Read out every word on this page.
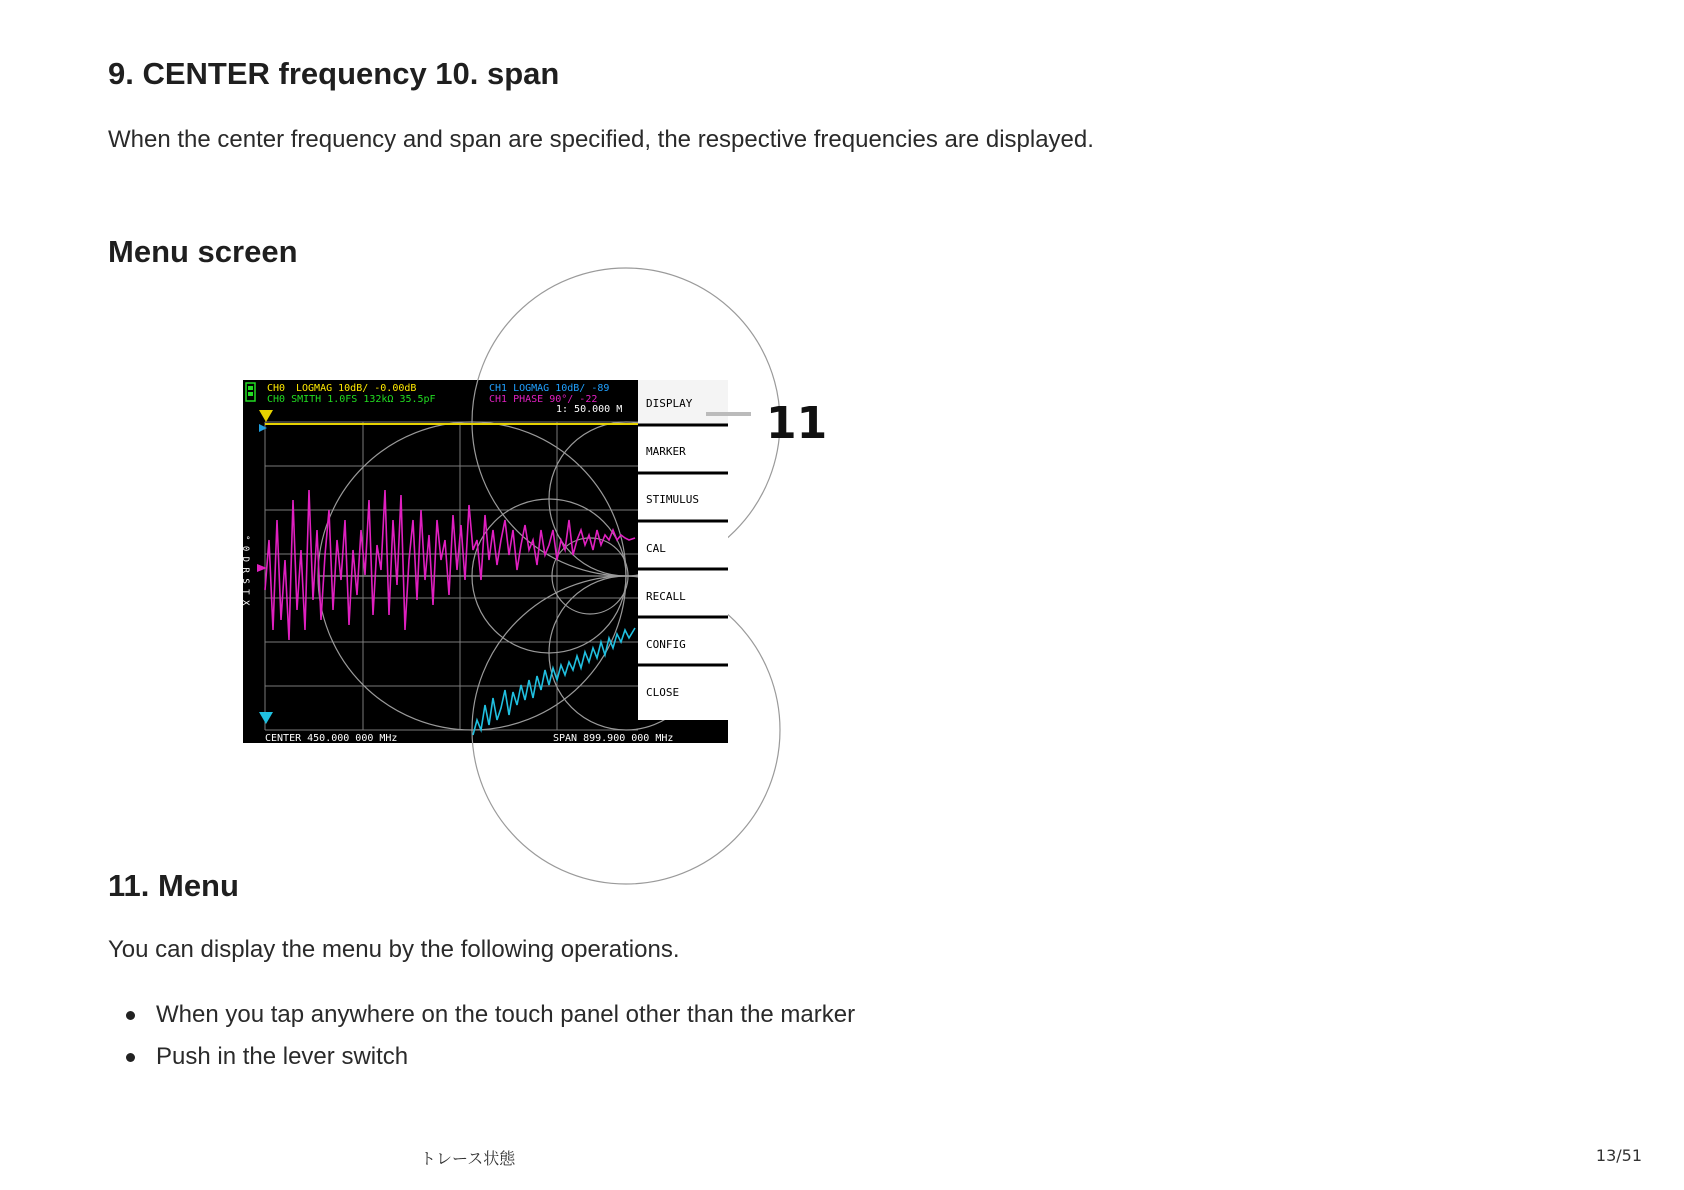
9. CENTER frequency 10. span

When the center frequency and span are specified, the respective frequencies are displayed.

Menu screen
CH0 LOGMAG 10dB/ -0.00dB
CH0 SMITH 1.0FS 132kΩ 35.5pF
CH1 LOGMAG 10dB/ -89
CH1 PHASE 90°/ -22
1: 50.000 M
° 0 D R S T X
CENTER 450.000 000 MHz	SPAN 899.900 000 MHz
DISPLAY
MARKER
STIMULUS
CAL
RECALL
CONFIG
CLOSE
11
11. Menu

You can display the menu by the following operations.

When you tap anywhere on the touch panel other than the marker
Push in the lever switch
トレース状態	13/51
